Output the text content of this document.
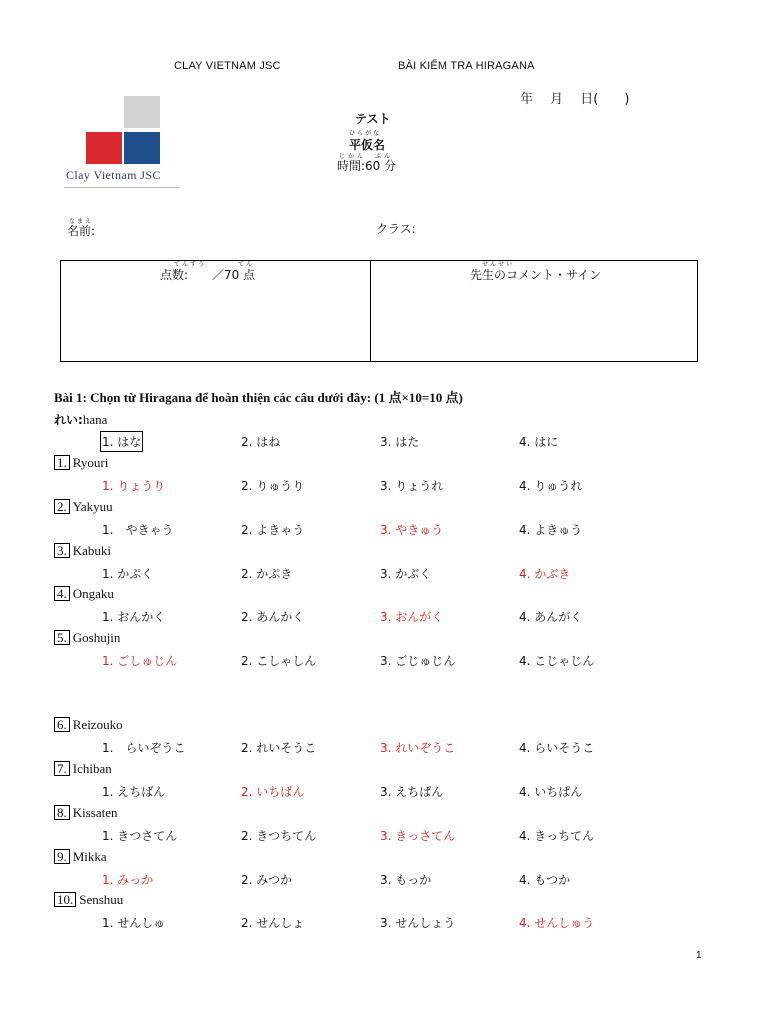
CLAY VIETNAM JSC	BÀI KIỂM TRA HIRAGANA
年　 月　 日(　　)
Clay Vietnam JSC
テスト
ひらがな
平仮名
じかん　ぶん
時間:60 分
なまえ
名前:	クラス:
てんすう　　　　てん
点数:　　／70 点
せんせい
先生のコメント・サイン
Bài 1: Chọn từ Hiragana để hoàn thiện các câu dưới đây: (1 点×10=10 点)
れい:hana
1. はな	2. はね	3. はた	4. はに
1. Ryouri
1. りょうり	2. りゅうり	3. りょうれ	4. りゅうれ
2. Yakyuu
1.　やきゃう	2. よきゃう	3. やきゅう	4. よきゅう
3. Kabuki
1. かぷく	2. かぷき	3. かぶく	4. かぶき
4. Ongaku
1. おんかく	2. あんかく	3. おんがく	4. あんがく
5. Goshujin
1. ごしゅじん	2. こしゃしん	3. ごじゅじん	4. こじゃじん
6. Reizouko
1.　らいぞうこ	2. れいそうこ	3. れいぞうこ	4. らいそうこ
7. Ichiban
1. えちばん	2. いちばん	3. えちぱん	4. いちぱん
8. Kissaten
1. きつさてん	2. きつちてん	3. きっさてん	4. きっちてん
9. Mikka
1. みっか	2. みつか	3. もっか	4. もつか
10. Senshuu
1. せんしゅ	2. せんしょ	3. せんしょう	4. せんしゅう
1
